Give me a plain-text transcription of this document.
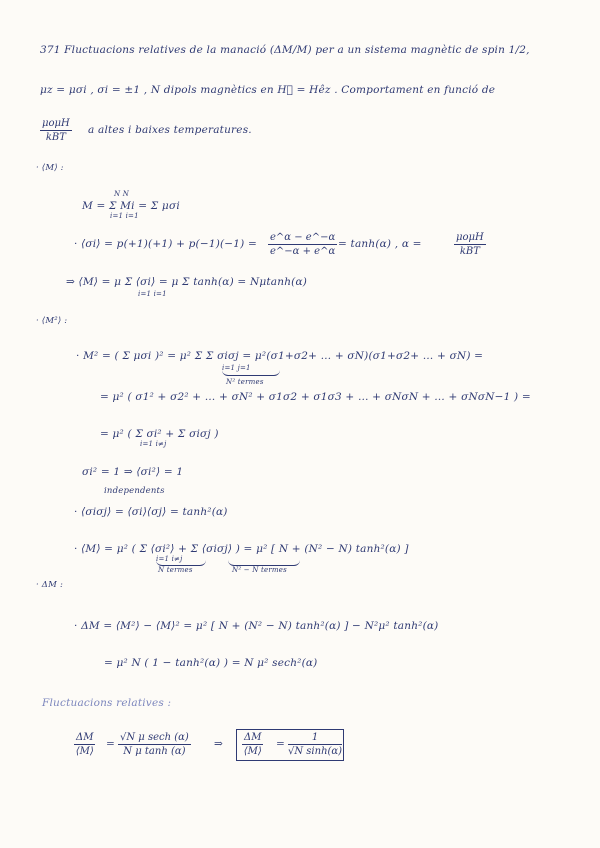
371 Fluctuacions relatives de la manació (ΔM/M) per a un sistema magnètic de spin 1/2,
μz = μσi , σi = ±1 , N dipols magnètics en H⃗ = Hêz . Comportament en funció de
μoμH
kBT
a altes i baixes temperatures.
· ⟨M⟩ :
N N
M = Σ Mi = Σ μσi
i=1 i=1
· ⟨σi⟩ = $p(+1)(+1) + p(-1)(-1) = \frac{e\^{}\alpha - e\^{}-\alpha}{e\^{}-\alpha + e\^{}\alpha} = \tanh(\alpha)$ , α =
μoμH
kBT
⇒ ⟨M⟩ = μ Σ ⟨σi⟩ = μ Σ tanh(α) = Nμtanh(α)
i=1 i=1
· ⟨M²⟩ :
· M² = ( Σ μσi )² = μ² Σ Σ σiσj = μ²(σ1+σ2+ … + σN)(σ1+σ2+ … + σN) =
i=1 j=1
N² termes
= μ² ( σ1² + σ2² + … + σN² + σ1σ2 + σ1σ3 + … + σNσN + … + σNσN−1 ) =
= μ² ( Σ σi² + Σ σiσj )
i=1 i≠j
σi² = 1 ⇒ ⟨σi²⟩ = 1
independents
· ⟨σiσj⟩ = ⟨σi⟩⟨σj⟩ = tanh²(α)
· ⟨M⟩ = μ² ( Σ ⟨σi²⟩ + Σ ⟨σiσj⟩ ) = μ² [ N + (N² − N) tanh²(α) ]
i=1 i≠j
N termes	N² − N termes
· ΔM :
· ΔM = ⟨M²⟩ − ⟨M⟩² = μ² [ N + (N² − N) tanh²(α) ] − N²μ² tanh²(α)
= μ² N ( 1 − tanh²(α) ) = N μ² sech²(α)
Fluctuacions relatives :
$\frac{\Delta M}{⟨M⟩}$ =
√N μ sech (α)
N μ tanh (α)
⇒ $\frac{\Delta M}{⟨M⟩} = \frac{1}{\text{√N sinh(α)}}$
